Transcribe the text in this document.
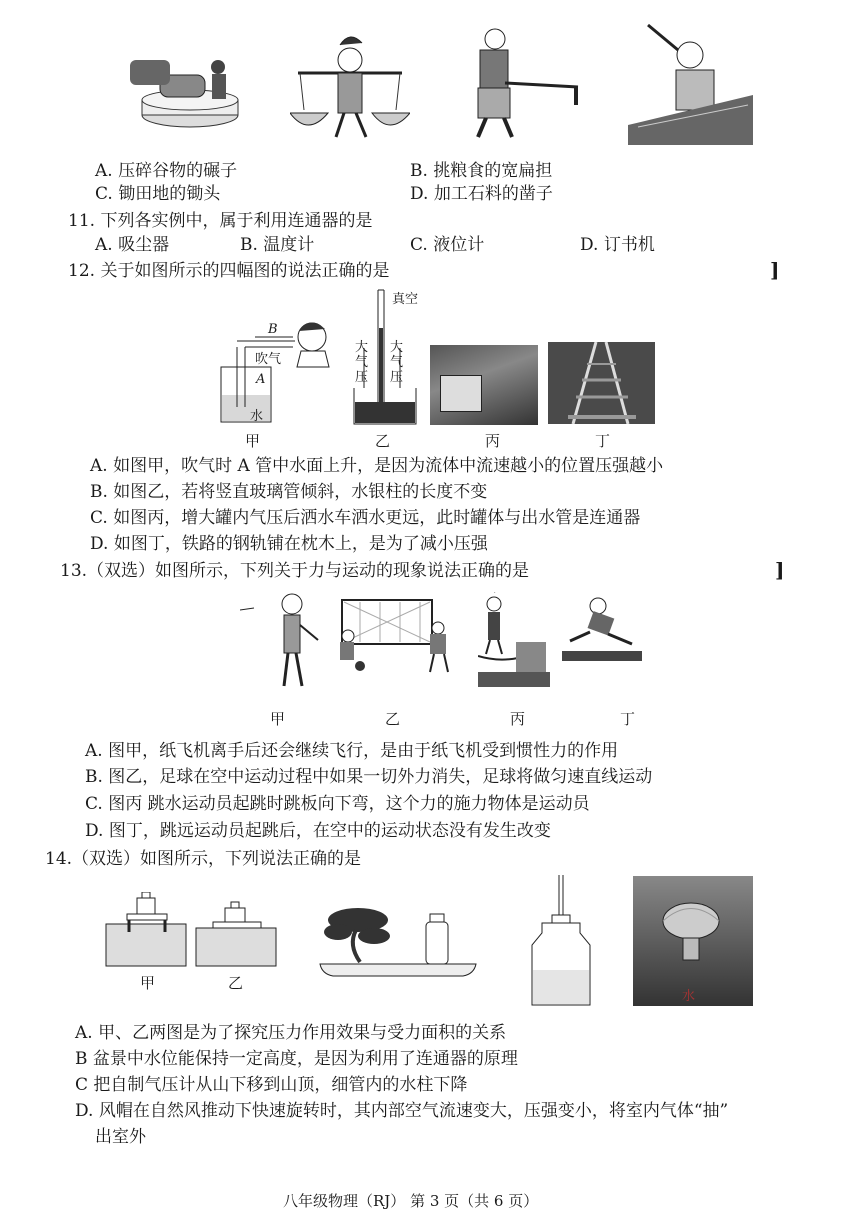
A. 压碎谷物的碾子	B. 挑粮食的宽扁担
C. 锄田地的锄头	D. 加工石料的凿子
11. 下列各实例中，属于利用连通器的是
A. 吸尘器	B. 温度计	C. 液位计	D. 订书机
12. 关于如图所示的四幅图的说法正确的是	]
B
吹气
A
水
甲
真空
大气压
大气压
乙	丙	丁
A. 如图甲，吹气时 A 管中水面上升，是因为流体中流速越小的位置压强越小
B. 如图乙，若将竖直玻璃管倾斜，水银柱的长度不变
C. 如图丙，增大罐内气压后洒水车洒水更远，此时罐体与出水管是连通器
D. 如图丁，铁路的钢轨铺在枕木上，是为了减小压强
13.（双选）如图所示，下列关于力与运动的现象说法正确的是	]
甲	乙	丙	丁
A. 图甲，纸飞机离手后还会继续飞行，是由于纸飞机受到惯性力的作用
B. 图乙，足球在空中运动过程中如果一切外力消失，足球将做匀速直线运动
C. 图丙 跳水运动员起跳时跳板向下弯，这个力的施力物体是运动员
D. 图丁，跳远运动员起跳后，在空中的运动状态没有发生改变
14.（双选）如图所示，下列说法正确的是
甲	乙
水
A. 甲、乙两图是为了探究压力作用效果与受力面积的关系
B 盆景中水位能保持一定高度，是因为利用了连通器的原理
C 把自制气压计从山下移到山顶，细管内的水柱下降
D. 风帽在自然风推动下快速旋转时，其内部空气流速变大，压强变小，将室内气体“抽”
出室外
八年级物理（RJ） 第 3 页（共 6 页）
